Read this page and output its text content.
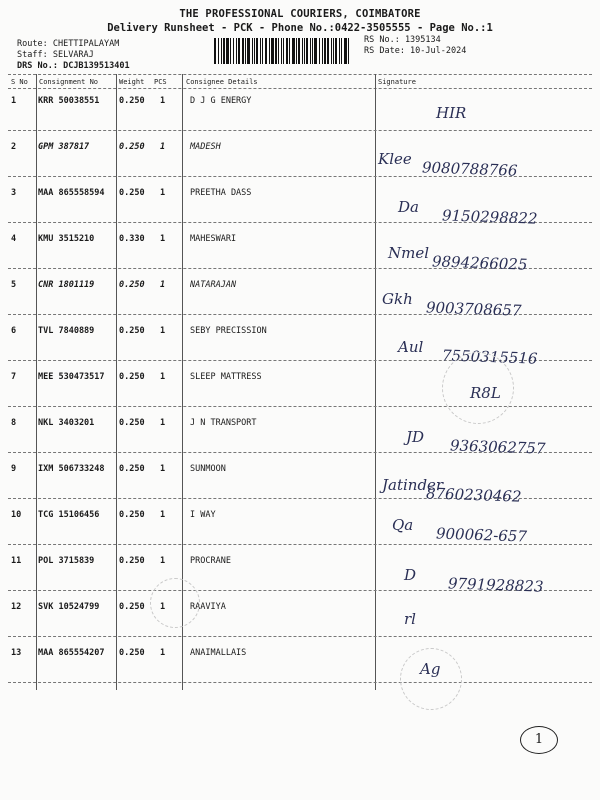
THE PROFESSIONAL COURIERS, COIMBATORE
Delivery Runsheet - PCK - Phone No.:0422-3505555 - Page No.:1
Route: CHETTIPALAYAM
Staff: SELVARAJ
DRS No.: DCJB139513401
RS No.: 1395134
RS Date: 10-Jul-2024
S No Consignment No	Weight PCS	Consignee Details	Signature
1	KRR 50038551 0.250 1	D J G ENERGY
HIR
2	GPM 387817	0.250 1	MADESH
Klee 9080788766
3	MAA 865558594 0.250 1	PREETHA DASS
Da 9150298822
4	KMU 3515210	0.330 1	MAHESWARI
Nmel 9894266025
5	CNR 1801119	0.250 1	NATARAJAN
Gkh 9003708657
6	TVL 7840889	0.250 1	SEBY PRECISSION
Aul 7550315516
7	MEE 530473517 0.250 1	SLEEP MATTRESS
R8L
8	NKL 3403201	0.250 1	J N TRANSPORT
JD 9363062757
9	IXM 506733248 0.250 1	SUNMOON
Jatinder
8760230462
10 TCG 15106456 0.250 1	I WAY
Qa 900062-657
11 POL 3715839	0.250 1	PROCRANE
D 9791928823
12 SVK 10524799 0.250 1	RAAVIYA
rl
13 MAA 865554207 0.250 1	ANAIMALLAIS
Ag
1
